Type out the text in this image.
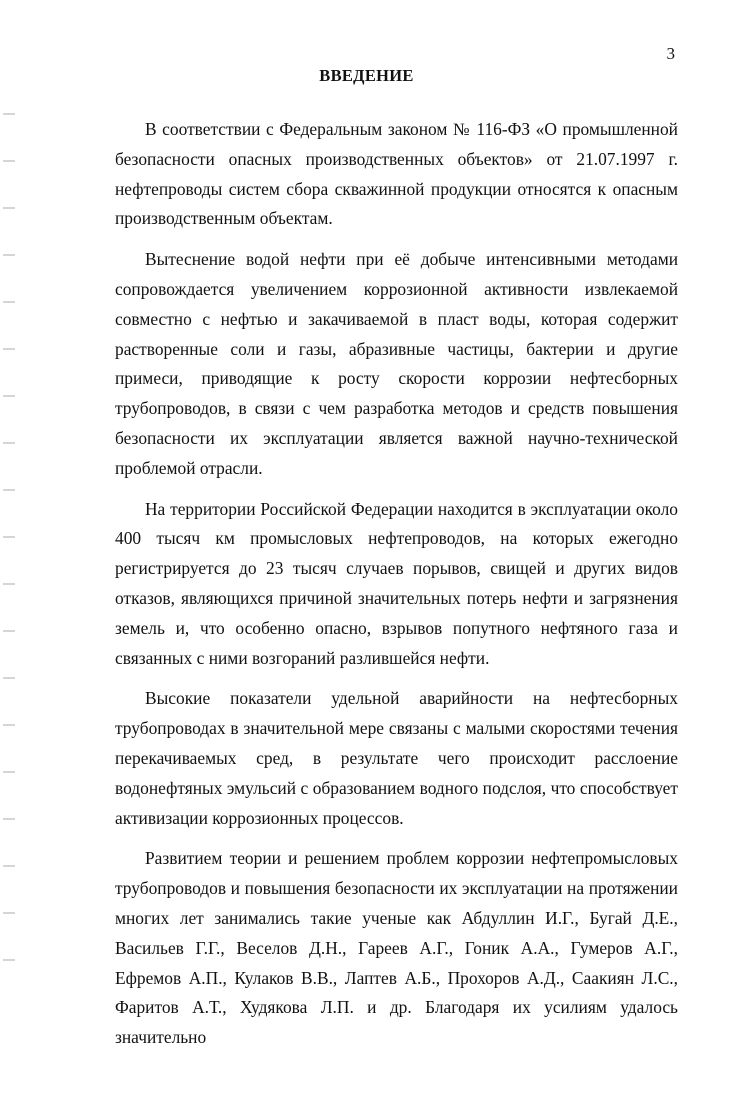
3

ВВЕДЕНИЕ

В соответствии с Федеральным законом № 116-ФЗ «О промышленной безопасности опасных производственных объектов» от 21.07.1997 г. нефтепроводы систем сбора скважинной продукции относятся к опасным производственным объектам.

Вытеснение водой нефти при её добыче интенсивными методами сопровождается увеличением коррозионной активности извлекаемой совместно с нефтью и закачиваемой в пласт воды, которая содержит растворенные соли и газы, абразивные частицы, бактерии и другие примеси, приводящие к росту скорости коррозии нефтесборных трубопроводов, в связи с чем разработка методов и средств повышения безопасности их эксплуатации является важной научно-технической проблемой отрасли.

На территории Российской Федерации находится в эксплуатации около 400 тысяч км промысловых нефтепроводов, на которых ежегодно регистрируется до 23 тысяч случаев порывов, свищей и других видов отказов, являющихся причиной значительных потерь нефти и загрязнения земель и, что особенно опасно, взрывов попутного нефтяного газа и связанных с ними возгораний разлившейся нефти.

Высокие показатели удельной аварийности на нефтесборных трубопроводах в значительной мере связаны с малыми скоростями течения перекачиваемых сред, в результате чего происходит расслоение водонефтяных эмульсий с образованием водного подслоя, что способствует активизации коррозионных процессов.

Развитием теории и решением проблем коррозии нефтепромысловых трубопроводов и повышения безопасности их эксплуатации на протяжении многих лет занимались такие ученые как Абдуллин И.Г., Бугай Д.Е., Васильев Г.Г., Веселов Д.Н., Гареев А.Г., Гоник А.А., Гумеров А.Г., Ефремов А.П., Кулаков В.В., Лаптев А.Б., Прохоров А.Д., Саакиян Л.С., Фаритов А.Т., Худякова Л.П. и др. Благодаря их усилиям удалось значительно
